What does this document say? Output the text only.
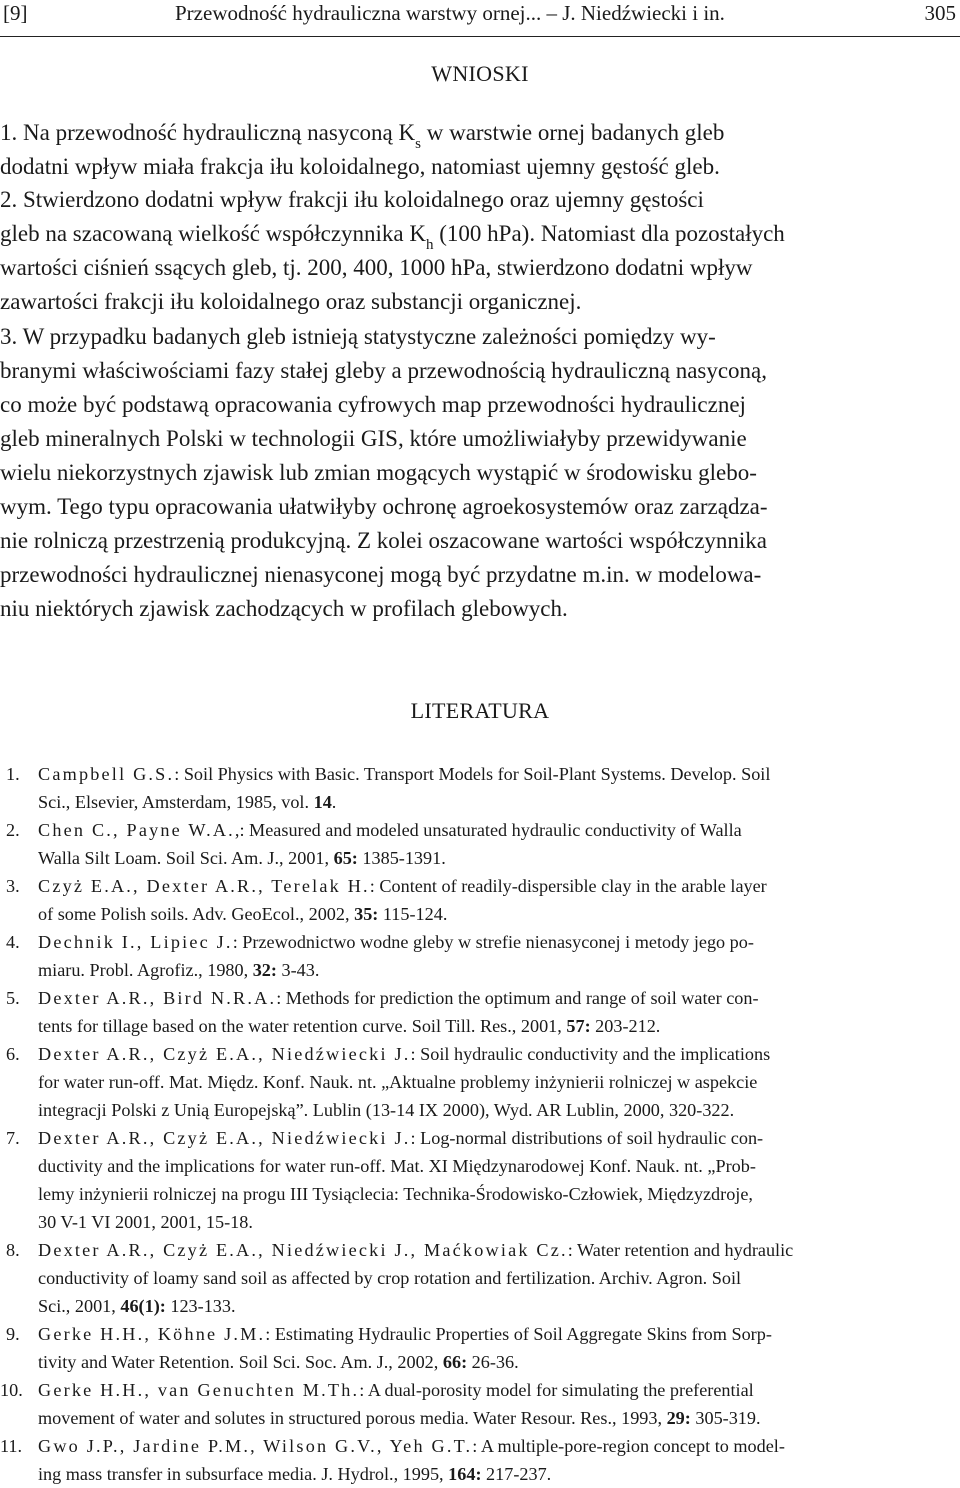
[9]	Przewodność hydrauliczna warstwy ornej... – J. Niedźwiecki i in.	305
WNIOSKI
1. Na przewodność hydrauliczną nasyconą $K_s$ w warstwie ornej badanych gleb
dodatni wpływ miała frakcja iłu koloidalnego, natomiast ujemny gęstość gleb.
2. Stwierdzono dodatni wpływ frakcji iłu koloidalnego oraz ujemny gęstości
gleb na szacowaną wielkość współczynnika $K_h$ (100 hPa). Natomiast dla pozostałych
wartości ciśnień ssących gleb, tj. 200, 400, 1000 hPa, stwierdzono dodatni wpływ
zawartości frakcji iłu koloidalnego oraz substancji organicznej.
3. W przypadku badanych gleb istnieją statystyczne zależności pomiędzy wy-
branymi właściwościami fazy stałej gleby a przewodnością hydrauliczną nasyconą,
co może być podstawą opracowania cyfrowych map przewodności hydraulicznej
gleb mineralnych Polski w technologii GIS, które umożliwiałyby przewidywanie
wielu niekorzystnych zjawisk lub zmian mogących wystąpić w środowisku glebo-
wym. Tego typu opracowania ułatwiłyby ochronę agroekosystemów oraz zarządza-
nie rolniczą przestrzenią produkcyjną. Z kolei oszacowane wartości współczynnika
przewodności hydraulicznej nienasyconej mogą być przydatne m.in. w modelowa-
niu niektórych zjawisk zachodzących w profilach glebowych.
LITERATURA
1. Campbell G.S.: Soil Physics with Basic. Transport Models for Soil-Plant Systems. Develop. Soil
Sci., Elsevier, Amsterdam, 1985, vol. 14.
2. Chen C., Payne W.A.,: Measured and modeled unsaturated hydraulic conductivity of Walla
Walla Silt Loam. Soil Sci. Am. J., 2001, 65: 1385-1391.
3. Czyż E.A., Dexter A.R., Terelak H.: Content of readily-dispersible clay in the arable layer
of some Polish soils. Adv. GeoEcol., 2002, 35: 115-124.
4. Dechnik I., Lipiec J.: Przewodnictwo wodne gleby w strefie nienasyconej i metody jego po-
miaru. Probl. Agrofiz., 1980, 32: 3-43.
5. Dexter A.R., Bird N.R.A.: Methods for prediction the optimum and range of soil water con-
tents for tillage based on the water retention curve. Soil Till. Res., 2001, 57: 203-212.
6. Dexter A.R., Czyż E.A., Niedźwiecki J.: Soil hydraulic conductivity and the implications
for water run-off. Mat. Międz. Konf. Nauk. nt. „Aktualne problemy inżynierii rolniczej w aspekcie
integracji Polski z Unią Europejską”. Lublin (13-14 IX 2000), Wyd. AR Lublin, 2000, 320-322.
7. Dexter A.R., Czyż E.A., Niedźwiecki J.: Log-normal distributions of soil hydraulic con-
ductivity and the implications for water run-off. Mat. XI Międzynarodowej Konf. Nauk. nt. „Prob-
lemy inżynierii rolniczej na progu III Tysiąclecia: Technika-Środowisko-Człowiek, Międzyzdroje,
30 V-1 VI 2001, 2001, 15-18.
8. Dexter A.R., Czyż E.A., Niedźwiecki J., Maćkowiak Cz.: Water retention and hydraulic
conductivity of loamy sand soil as affected by crop rotation and fertilization. Archiv. Agron. Soil
Sci., 2001, 46(1): 123-133.
9. Gerke H.H., Köhne J.M.: Estimating Hydraulic Properties of Soil Aggregate Skins from Sorp-
tivity and Water Retention. Soil Sci. Soc. Am. J., 2002, 66: 26-36.
10. Gerke H.H., van Genuchten M.Th.: A dual-porosity model for simulating the preferential
movement of water and solutes in structured porous media. Water Resour. Res., 1993, 29: 305-319.
11. Gwo J.P., Jardine P.M., Wilson G.V., Yeh G.T.: A multiple-pore-region concept to model-
ing mass transfer in subsurface media. J. Hydrol., 1995, 164: 217-237.
